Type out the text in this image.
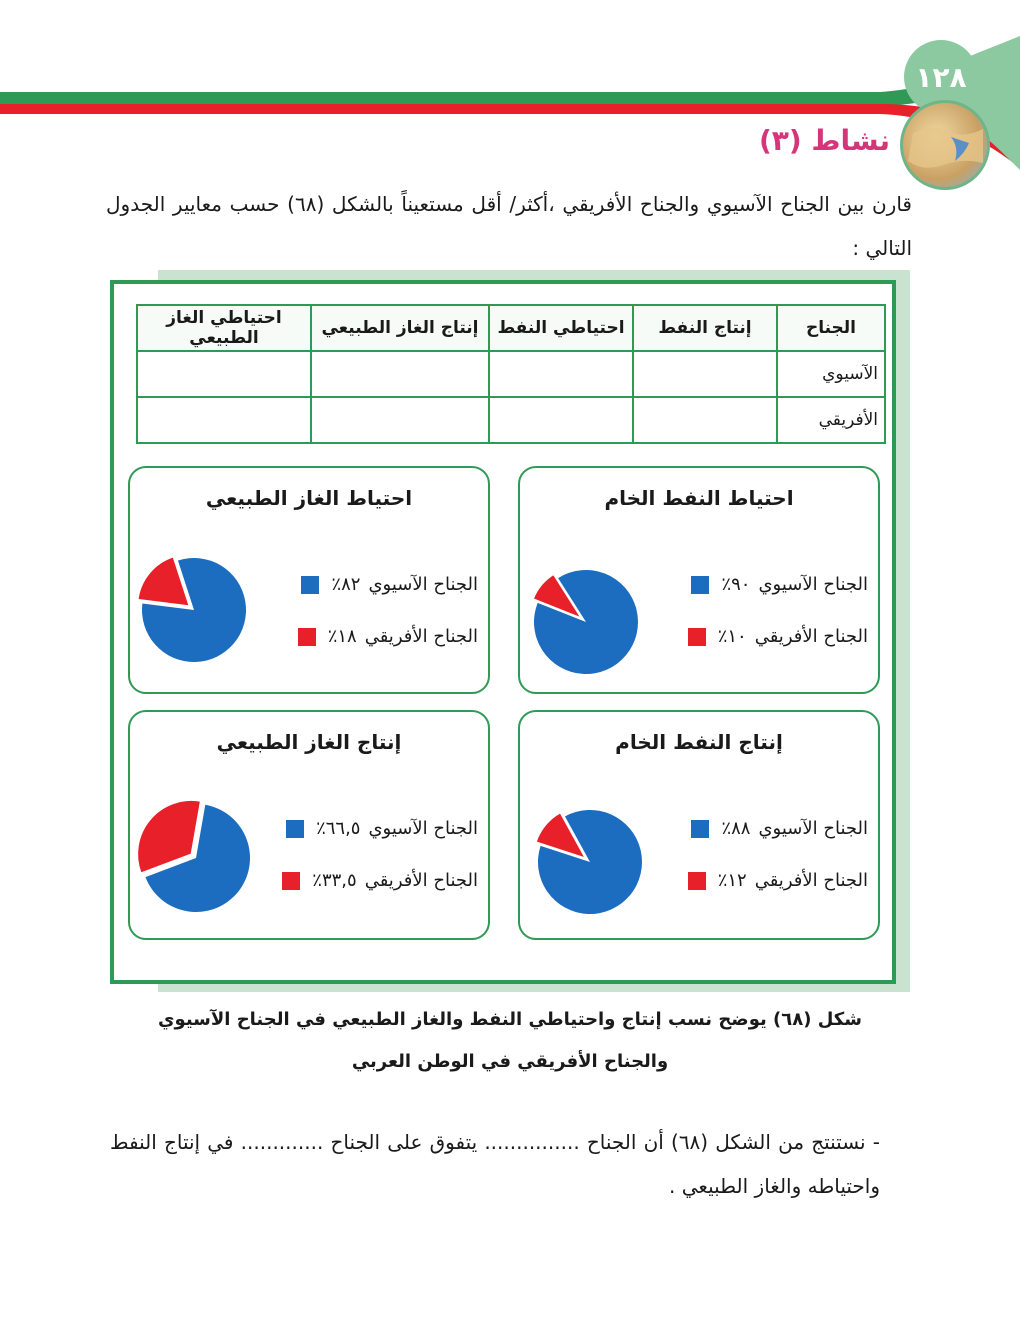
١٢٨
نشاط (٣)
قارن بين الجناح الآسيوي والجناح الأفريقي ،أكثر/ أقل مستعيناً بالشكل (٦٨) حسب معايير الجدول التالي :
الجناح	إنتاج النفط	احتياطي النفط	إنتاج الغاز الطبيعي	احتياطي الغاز الطبيعي
الآسيوي				
الأفريقي				
احتياط النفط الخام
الجناح الآسيوي
٩٠٪
الجناح الأفريقي
١٠٪
احتياط الغاز الطبيعي
الجناح الآسيوي
٨٢٪
الجناح الأفريقي
١٨٪
إنتاج النفط الخام
الجناح الآسيوي
٨٨٪
الجناح الأفريقي
١٢٪
إنتاج الغاز الطبيعي
الجناح الآسيوي
٦٦,٥٪
الجناح الأفريقي
٣٣,٥٪
شكل (٦٨) يوضح نسب إنتاج واحتياطي النفط والغاز الطبيعي في الجناح الآسيوي
والجناح الأفريقي في الوطن العربي
- نستنتج من الشكل (٦٨) أن الجناح ............... يتفوق على الجناح ............. في إنتاج النفط واحتياطه والغاز الطبيعي .
